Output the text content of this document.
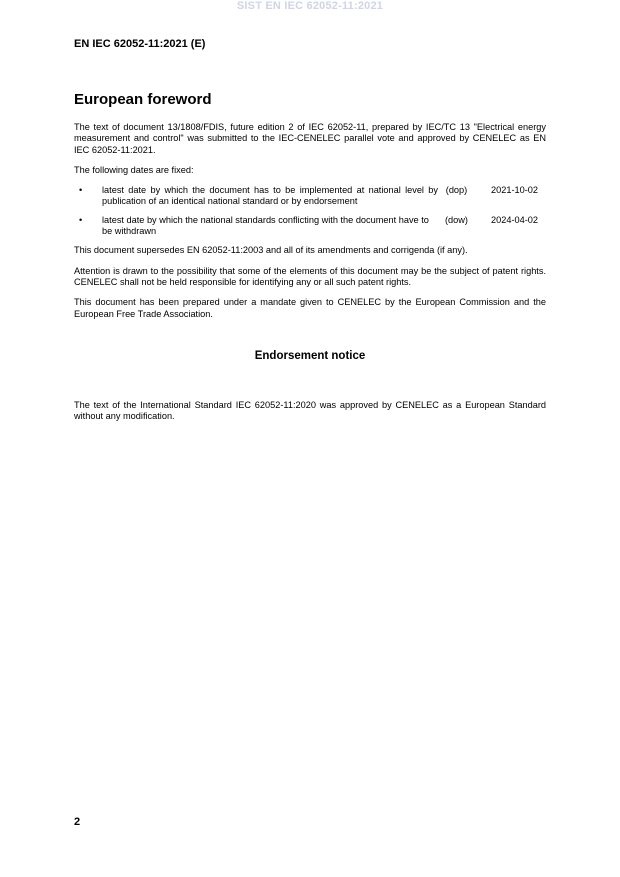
SIST EN IEC 62052-11:2021
EN IEC 62052-11:2021 (E)
European foreword

The text of document 13/1808/FDIS, future edition 2 of IEC 62052-11, prepared by IEC/TC 13 "Electrical energy measurement and control" was submitted to the IEC-CENELEC parallel vote and approved by CENELEC as EN IEC 62052-11:2021.

The following dates are fixed:

•	latest date by which the document has to be implemented at national level by publication of an identical national standard or by endorsement
(dop)	2021-10-02
•	latest date by which the national standards conflicting with the document have to be withdrawn
(dow)	2024-04-02

This document supersedes EN 62052-11:2003 and all of its amendments and corrigenda (if any).

Attention is drawn to the possibility that some of the elements of this document may be the subject of patent rights. CENELEC shall not be held responsible for identifying any or all such patent rights.

This document has been prepared under a mandate given to CENELEC by the European Commission and the European Free Trade Association.

Endorsement notice

The text of the International Standard IEC 62052-11:2020 was approved by CENELEC as a European Standard without any modification.

2
